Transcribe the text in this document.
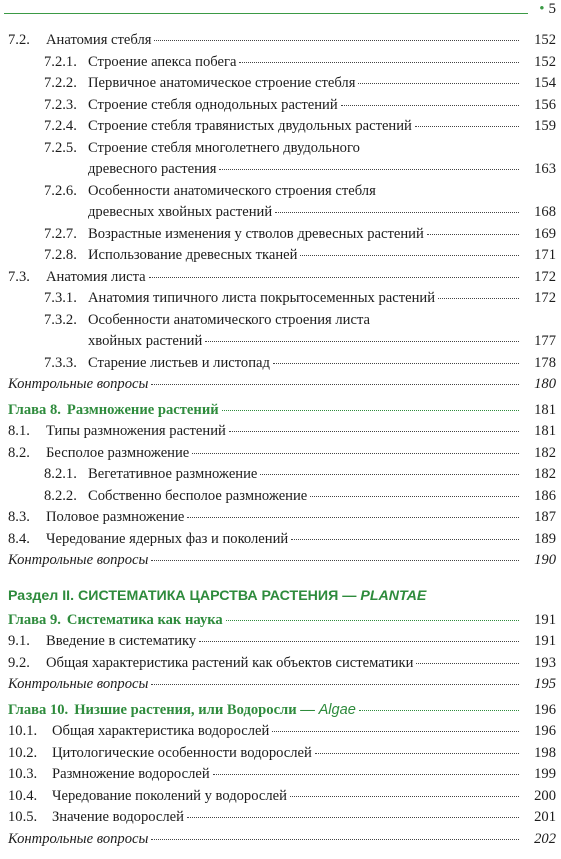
• 5
7.2.	Анатомия стебля	152
7.2.1. Строение апекса побега	152
7.2.2. Первичное анатомическое строение стебля	154
7.2.3. Строение стебля однодольных растений	156
7.2.4. Строение стебля травянистых двудольных растений	159
7.2.5. Строение стебля многолетнего двудольного
древесного растения	163
7.2.6. Особенности анатомического строения стебля
древесных хвойных растений	168
7.2.7. Возрастные изменения у стволов древесных растений	169
7.2.8. Использование древесных тканей	171
7.3.	Анатомия листа	172
7.3.1. Анатомия типичного листа покрытосеменных растений	172
7.3.2. Особенности анатомического строения листа
хвойных растений	177
7.3.3. Старение листьев и листопад	178
Контрольные вопросы	180
Глава 8. Размножение растений	181
8.1.	Типы размножения растений	181
8.2.	Бесполое размножение	182
8.2.1. Вегетативное размножение	182
8.2.2. Собственно бесполое размножение	186
8.3.	Половое размножение	187
8.4.	Чередование ядерных фаз и поколений	189
Контрольные вопросы	190
Раздел II. СИСТЕМАТИКА ЦАРСТВА РАСТЕНИЯ — PLANTAE
Глава 9. Систематика как наука	191
9.1.	Введение в систематику	191
9.2.	Общая характеристика растений как объектов систематики	193
Контрольные вопросы	195
Глава 10. Низшие растения, или Водоросли — Algae	196
10.1.	Общая характеристика водорослей	196
10.2.	Цитологические особенности водорослей	198
10.3.	Размножение водорослей	199
10.4.	Чередование поколений у водорослей	200
10.5.	Значение водорослей	201
Контрольные вопросы	202
